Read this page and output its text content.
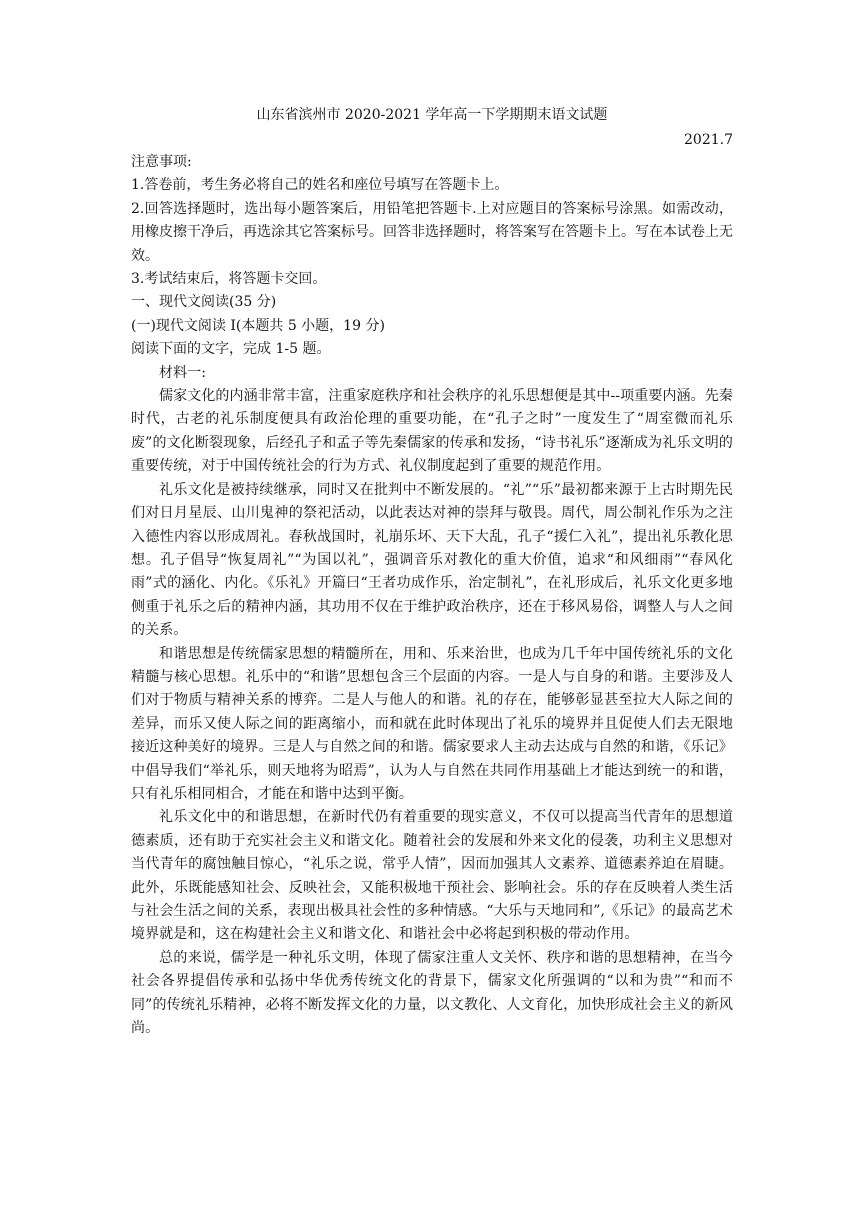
山东省滨州市 2020-2021 学年高一下学期期末语文试题

2021.7

注意事项:

1.答卷前，考生务必将自己的姓名和座位号填写在答题卡上。

2.回答选择题时，选出每小题答案后，用铅笔把答题卡.上对应题目的答案标号涂黑。如需改动，用橡皮擦干净后，再选涂其它答案标号。回答非选择题时，将答案写在答题卡上。写在本试卷上无效。

3.考试结束后，将答题卡交回。

一、现代文阅读(35 分)

(一)现代文阅读 I(本题共 5 小题，19 分)

阅读下面的文字，完成 1-5 题。

材料一:

儒家文化的内涵非常丰富，注重家庭秩序和社会秩序的礼乐思想便是其中--项重要内涵。先秦时代，古老的礼乐制度便具有政治伦理的重要功能，在“孔子之时”一度发生了“周室微而礼乐废”的文化断裂现象，后经孔子和孟子等先秦儒家的传承和发扬，“诗书礼乐”逐渐成为礼乐文明的重要传统，对于中国传统社会的行为方式、礼仪制度起到了重要的规范作用。

礼乐文化是被持续继承，同时又在批判中不断发展的。“礼”“乐”最初都来源于上古时期先民们对日月星辰、山川鬼神的祭祀活动，以此表达对神的崇拜与敬畏。周代，周公制礼作乐为之注入德性内容以形成周礼。春秋战国时，礼崩乐坏、天下大乱，孔子“援仁入礼”，提出礼乐教化思想。孔子倡导“恢复周礼”“为国以礼”，强调音乐对教化的重大价值，追求“和风细雨”“春风化雨”式的涵化、内化。《乐礼》开篇曰“王者功成作乐，治定制礼”，在礼形成后，礼乐文化更多地侧重于礼乐之后的精神内涵，其功用不仅在于维护政治秩序，还在于移风易俗，调整人与人之间的关系。

和谐思想是传统儒家思想的精髓所在，用和、乐来治世，也成为几千年中国传统礼乐的文化精髓与核心思想。礼乐中的“和谐”思想包含三个层面的内容。一是人与自身的和谐。主要涉及人们对于物质与精神关系的博弈。二是人与他人的和谐。礼的存在，能够彰显甚至拉大人际之间的差异，而乐又使人际之间的距离缩小，而和就在此时体现出了礼乐的境界并且促使人们去无限地接近这种美好的境界。三是人与自然之间的和谐。儒家要求人主动去达成与自然的和谐，《乐记》中倡导我们“举礼乐，则天地将为昭焉”，认为人与自然在共同作用基础上才能达到统一的和谐，只有礼乐相同相合，才能在和谐中达到平衡。

礼乐文化中的和谐思想，在新时代仍有着重要的现实意义，不仅可以提高当代青年的思想道德素质，还有助于充实社会主义和谐文化。随着社会的发展和外来文化的侵袭，功利主义思想对当代青年的腐蚀触目惊心，“礼乐之说，常乎人情”，因而加强其人文素养、道德素养迫在眉睫。此外，乐既能感知社会、反映社会，又能积极地干预社会、影响社会。乐的存在反映着人类生活与社会生活之间的关系，表现出极具社会性的多种情感。“大乐与天地同和”,《乐记》的最高艺术境界就是和，这在构建社会主义和谐文化、和谐社会中必将起到积极的带动作用。

总的来说，儒学是一种礼乐文明，体现了儒家注重人文关怀、秩序和谐的思想精神，在当今社会各界提倡传承和弘扬中华优秀传统文化的背景下，儒家文化所强调的“以和为贵”“和而不同”的传统礼乐精神，必将不断发挥文化的力量，以文教化、人文育化，加快形成社会主义的新风尚。
